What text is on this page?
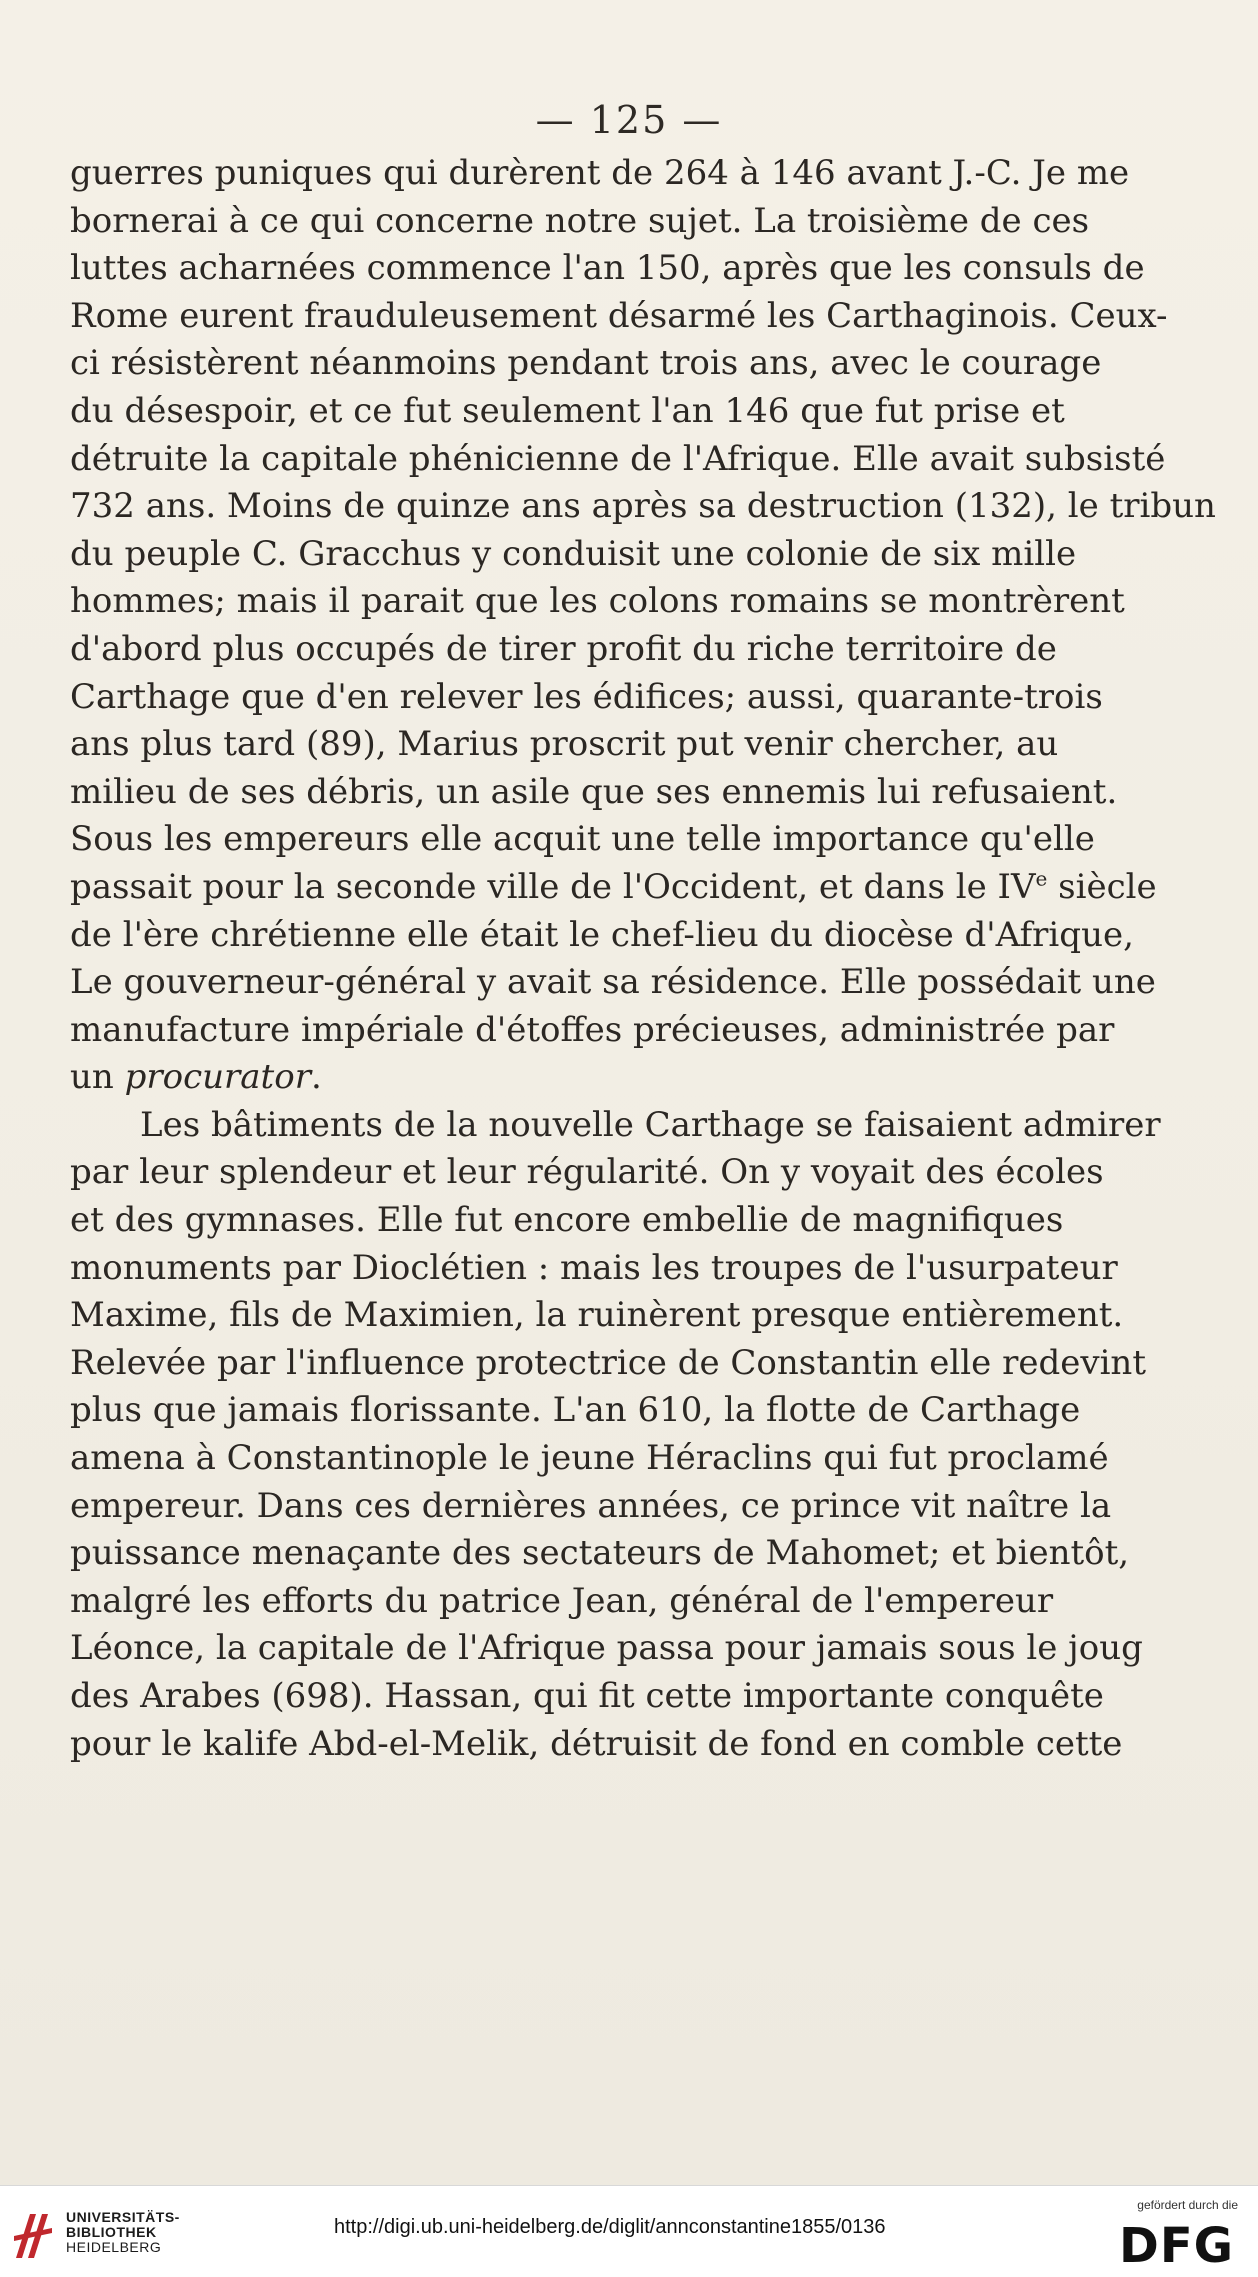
— 125 —
guerres puniques qui durèrent de 264 à 146 avant J.-C. Je me
bornerai à ce qui concerne notre sujet. La troisième de ces
luttes acharnées commence l'an 150, après que les consuls de
Rome eurent frauduleusement désarmé les Carthaginois. Ceux-
ci résistèrent néanmoins pendant trois ans, avec le courage
du désespoir, et ce fut seulement l'an 146 que fut prise et
détruite la capitale phénicienne de l'Afrique. Elle avait subsisté
732 ans. Moins de quinze ans après sa destruction (132), le tribun
du peuple C. Gracchus y conduisit une colonie de six mille
hommes; mais il parait que les colons romains se montrèrent
d'abord plus occupés de tirer profit du riche territoire de
Carthage que d'en relever les édifices; aussi, quarante-trois
ans plus tard (89), Marius proscrit put venir chercher, au
milieu de ses débris, un asile que ses ennemis lui refusaient.
Sous les empereurs elle acquit une telle importance qu'elle
passait pour la seconde ville de l'Occident, et dans le IVe siècle
de l'ère chrétienne elle était le chef-lieu du diocèse d'Afrique,
Le gouverneur-général y avait sa résidence. Elle possédait une
manufacture impériale d'étoffes précieuses, administrée par
un procurator.
Les bâtiments de la nouvelle Carthage se faisaient admirer
par leur splendeur et leur régularité. On y voyait des écoles
et des gymnases. Elle fut encore embellie de magnifiques
monuments par Dioclétien : mais les troupes de l'usurpateur
Maxime, fils de Maximien, la ruinèrent presque entièrement.
Relevée par l'influence protectrice de Constantin elle redevint
plus que jamais florissante. L'an 610, la flotte de Carthage
amena à Constantinople le jeune Héraclins qui fut proclamé
empereur. Dans ces dernières années, ce prince vit naître la
puissance menaçante des sectateurs de Mahomet; et bientôt,
malgré les efforts du patrice Jean, général de l'empereur
Léonce, la capitale de l'Afrique passa pour jamais sous le joug
des Arabes (698). Hassan, qui fit cette importante conquête
pour le kalife Abd-el-Melik, détruisit de fond en comble cette
UNIVERSITÄTS-
BIBLIOTHEK
HEIDELBERG
http://digi.ub.uni-heidelberg.de/diglit/annconstantine1855/0136
gefördert durch die
DFG
